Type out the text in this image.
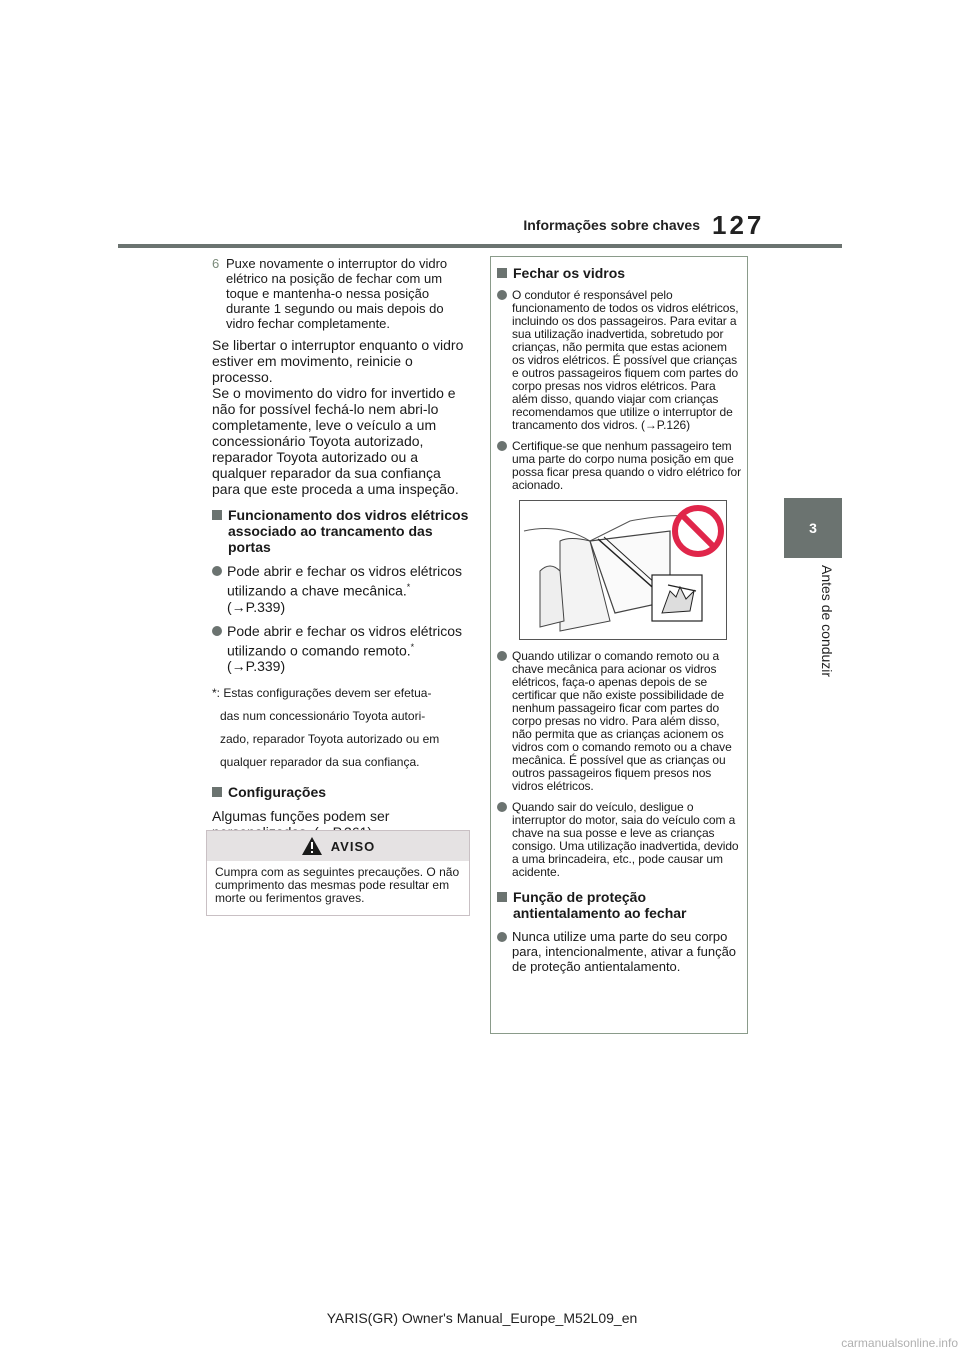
Informações sobre chaves 127
3
Antes de conduzir
6 Puxe novamente o interruptor do vidro elétrico na posição de fechar com um toque e mantenha-o nessa posição durante 1 segundo ou mais depois do vidro fechar completamente.

Se libertar o interruptor enquanto o vidro estiver em movimento, reinicie o processo.
Se o movimento do vidro for invertido e não for possível fechá-lo nem abri-lo completamente, leve o veículo a um concessionário Toyota autorizado, reparador Toyota autorizado ou a qualquer reparador da sua confiança para que este proceda a uma inspeção.

Funcionamento dos vidros elétricos associado ao trancamento das portas
Pode abrir e fechar os vidros elétricos utilizando a chave mecânica.*
(→P.339)
Pode abrir e fechar os vidros elétricos utilizando o comando remoto.*
(→P.339)
*: Estas configurações devem ser efetua-
das num concessionário Toyota autori-
zado, reparador Toyota autorizado ou em
qualquer reparador da sua confiança.
Configurações

Algumas funções podem ser

AVISO
Cumpra com as seguintes precauções. O não cumprimento das mesmas pode resultar em morte ou ferimentos graves.
Fechar os vidros
O condutor é responsável pelo funcionamento de todos os vidros elétricos, incluindo os dos passageiros. Para evitar a sua utilização inadvertida, sobretudo por crianças, não permita que estas acionem os vidros elétricos. É possível que crianças e outros passageiros fiquem com partes do corpo presas nos vidros elétricos. Para além disso, quando viajar com crianças recomendamos que utilize o interruptor de trancamento dos vidros. (→P.126)
Certifique-se que nenhum passageiro tem uma parte do corpo numa posição em que possa ficar presa quando o vidro elétrico for acionado.
Quando utilizar o comando remoto ou a chave mecânica para acionar os vidros elétricos, faça-o apenas depois de se certificar que não existe possibilidade de nenhum passageiro ficar com partes do corpo presas no vidro. Para além disso, não permita que as crianças acionem os vidros com o comando remoto ou a chave mecânica. É possível que as crianças ou outros passageiros fiquem presos nos vidros elétricos.
Quando sair do veículo, desligue o interruptor do motor, saia do veículo com a chave na sua posse e leve as crianças consigo. Uma utilização inadvertida, devido a uma brincadeira, etc., pode causar um acidente.
Função de proteção antientalamento ao fechar
Nunca utilize uma parte do seu corpo para, intencionalmente, ativar a função de proteção antientalamento.
YARIS(GR) Owner's Manual_Europe_M52L09_en
carmanualsonline.info
